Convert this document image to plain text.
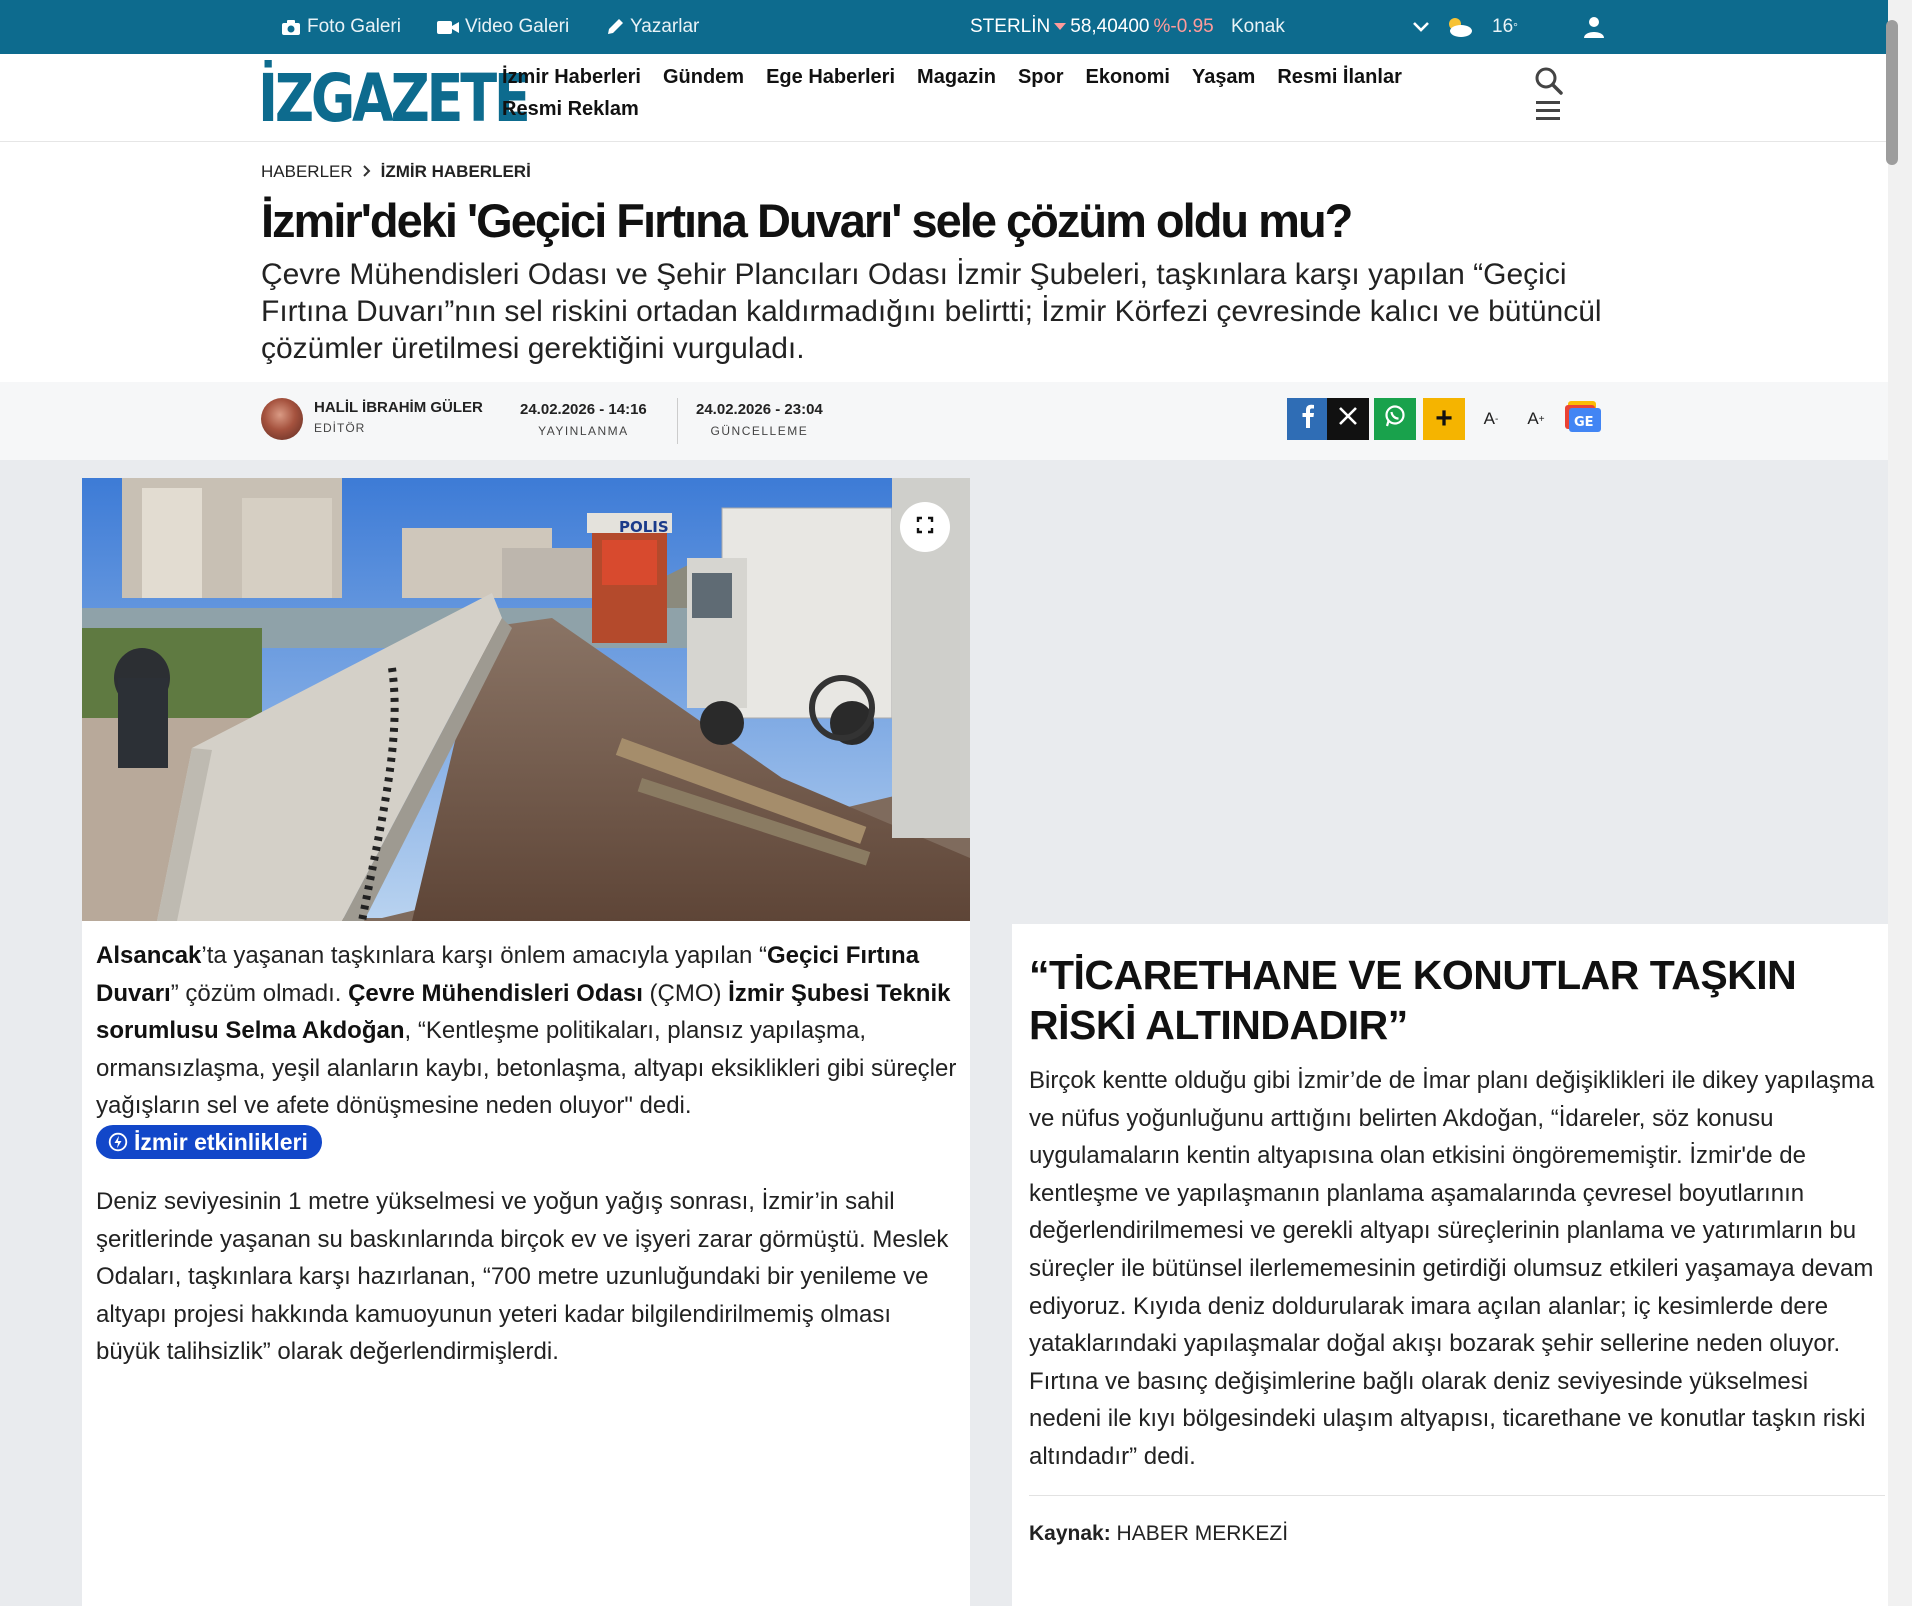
Foto Galeri	Video Galeri	Yazarlar	STERLİN 58,40400 %-0.95 Konak	16 °
İZGAZETE
İzmir Haberleri Gündem Ege Haberleri Magazin Spor Ekonomi Yaşam Resmi İlanlar
Resmi Reklam
HABERLER İZMİR HABERLERİ
İzmir'deki 'Geçici Fırtına Duvarı' sele çözüm oldu mu?

Çevre Mühendisleri Odası ve Şehir Plancıları Odası İzmir Şubeleri, taşkınlara karşı yapılan “Geçici Fırtına Duvarı”nın sel riskini ortadan kaldırmadığını belirtti; İzmir Körfezi çevresinde kalıcı ve bütüncül çözümler üretilmesi gerektiğini vurguladı.

HALİL İBRAHİM GÜLER
EDİTÖR
24.02.2026 - 14:16
YAYINLANMA
24.02.2026 - 23:04
GÜNCELLEME	+	A - A + GE
POLIS

Alsancak’ta yaşanan taşkınlara karşı önlem amacıyla yapılan “Geçici Fırtına Duvarı” çözüm olmadı. Çevre Mühendisleri Odası (ÇMO) İzmir Şubesi Teknik sorumlusu Selma Akdoğan, “Kentleşme politikaları, plansız yapılaşma, ormansızlaşma, yeşil alanların kaybı, betonlaşma, altyapı eksiklikleri gibi süreçler yağışların sel ve afete dönüşmesine neden oluyor" dedi.

İzmir etkinlikleri

Deniz seviyesinin 1 metre yükselmesi ve yoğun yağış sonrası, İzmir’in sahil şeritlerinde yaşanan su baskınlarında birçok ev ve işyeri zarar görmüştü. Meslek Odaları, taşkınlara karşı hazırlanan, “700 metre uzunluğundaki bir yenileme ve altyapı projesi hakkında kamuoyunun yeteri kadar bilgilendirilmemiş olması büyük talihsizlik” olarak değerlendirmişlerdi.

“TİCARETHANE VE KONUTLAR TAŞKIN RİSKİ ALTINDADIR”

Birçok kentte olduğu gibi İzmir’de de İmar planı değişiklikleri ile dikey yapılaşma ve nüfus yoğunluğunu arttığını belirten Akdoğan, “İdareler, söz konusu uygulamaların kentin altyapısına olan etkisini öngörememiştir. İzmir'de de kentleşme ve yapılaşmanın planlama aşamalarında çevresel boyutlarının değerlendirilmemesi ve gerekli altyapı süreçlerinin planlama ve yatırımların bu süreçler ile bütünsel ilerlememesinin getirdiği olumsuz etkileri yaşamaya devam ediyoruz. Kıyıda deniz doldurularak imara açılan alanlar; iç kesimlerde dere yataklarındaki yapılaşmalar doğal akışı bozarak şehir sellerine neden oluyor. Fırtına ve basınç değişimlerine bağlı olarak deniz seviyesinde yükselmesi nedeni ile kıyı bölgesindeki ulaşım altyapısı, ticarethane ve konutlar taşkın riski altındadır” dedi.

Kaynak: HABER MERKEZİ
